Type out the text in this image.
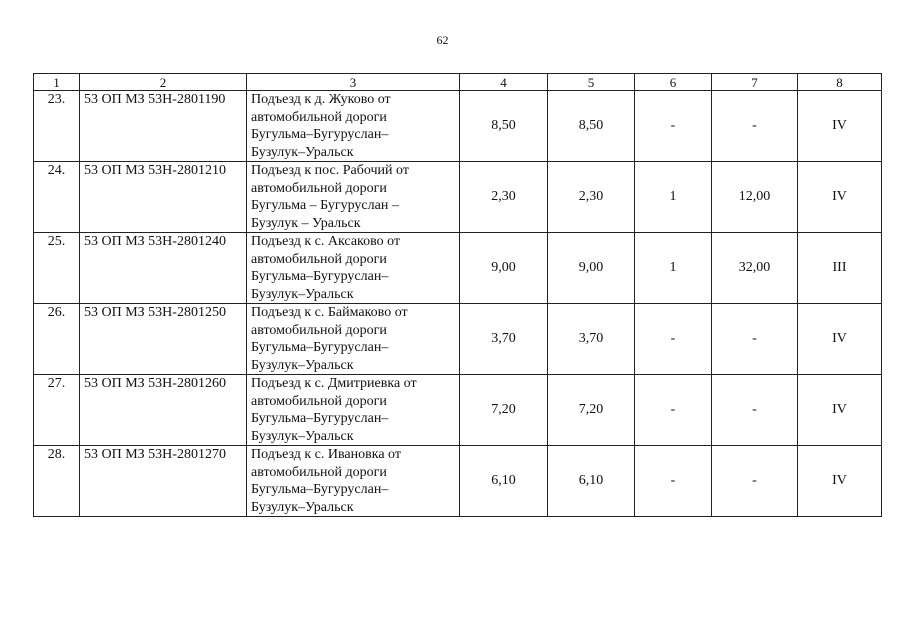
62
1	2	3	4	5	6	7	8
23.	53 ОП МЗ 53Н-2801190	Подъезд к д. Жуково от
автомобильной дороги
Бугульма–Бугуруслан–
Бузулук–Уральск	8,50	8,50	-	-	IV
24.	53 ОП МЗ 53Н-2801210	Подъезд к пос. Рабочий от
автомобильной дороги
Бугульма – Бугуруслан –
Бузулук – Уральск	2,30	2,30	1	12,00	IV
25.	53 ОП МЗ 53Н-2801240	Подъезд к с. Аксаково от
автомобильной дороги
Бугульма–Бугуруслан–
Бузулук–Уральск	9,00	9,00	1	32,00	III
26.	53 ОП МЗ 53Н-2801250	Подъезд к с. Баймаково от
автомобильной дороги
Бугульма–Бугуруслан–
Бузулук–Уральск	3,70	3,70	-	-	IV
27.	53 ОП МЗ 53Н-2801260	Подъезд к с. Дмитриевка от
автомобильной дороги
Бугульма–Бугуруслан–
Бузулук–Уральск	7,20	7,20	-	-	IV
28.	53 ОП МЗ 53Н-2801270	Подъезд к с. Ивановка от
автомобильной дороги
Бугульма–Бугуруслан–
Бузулук–Уральск	6,10	6,10	-	-	IV
